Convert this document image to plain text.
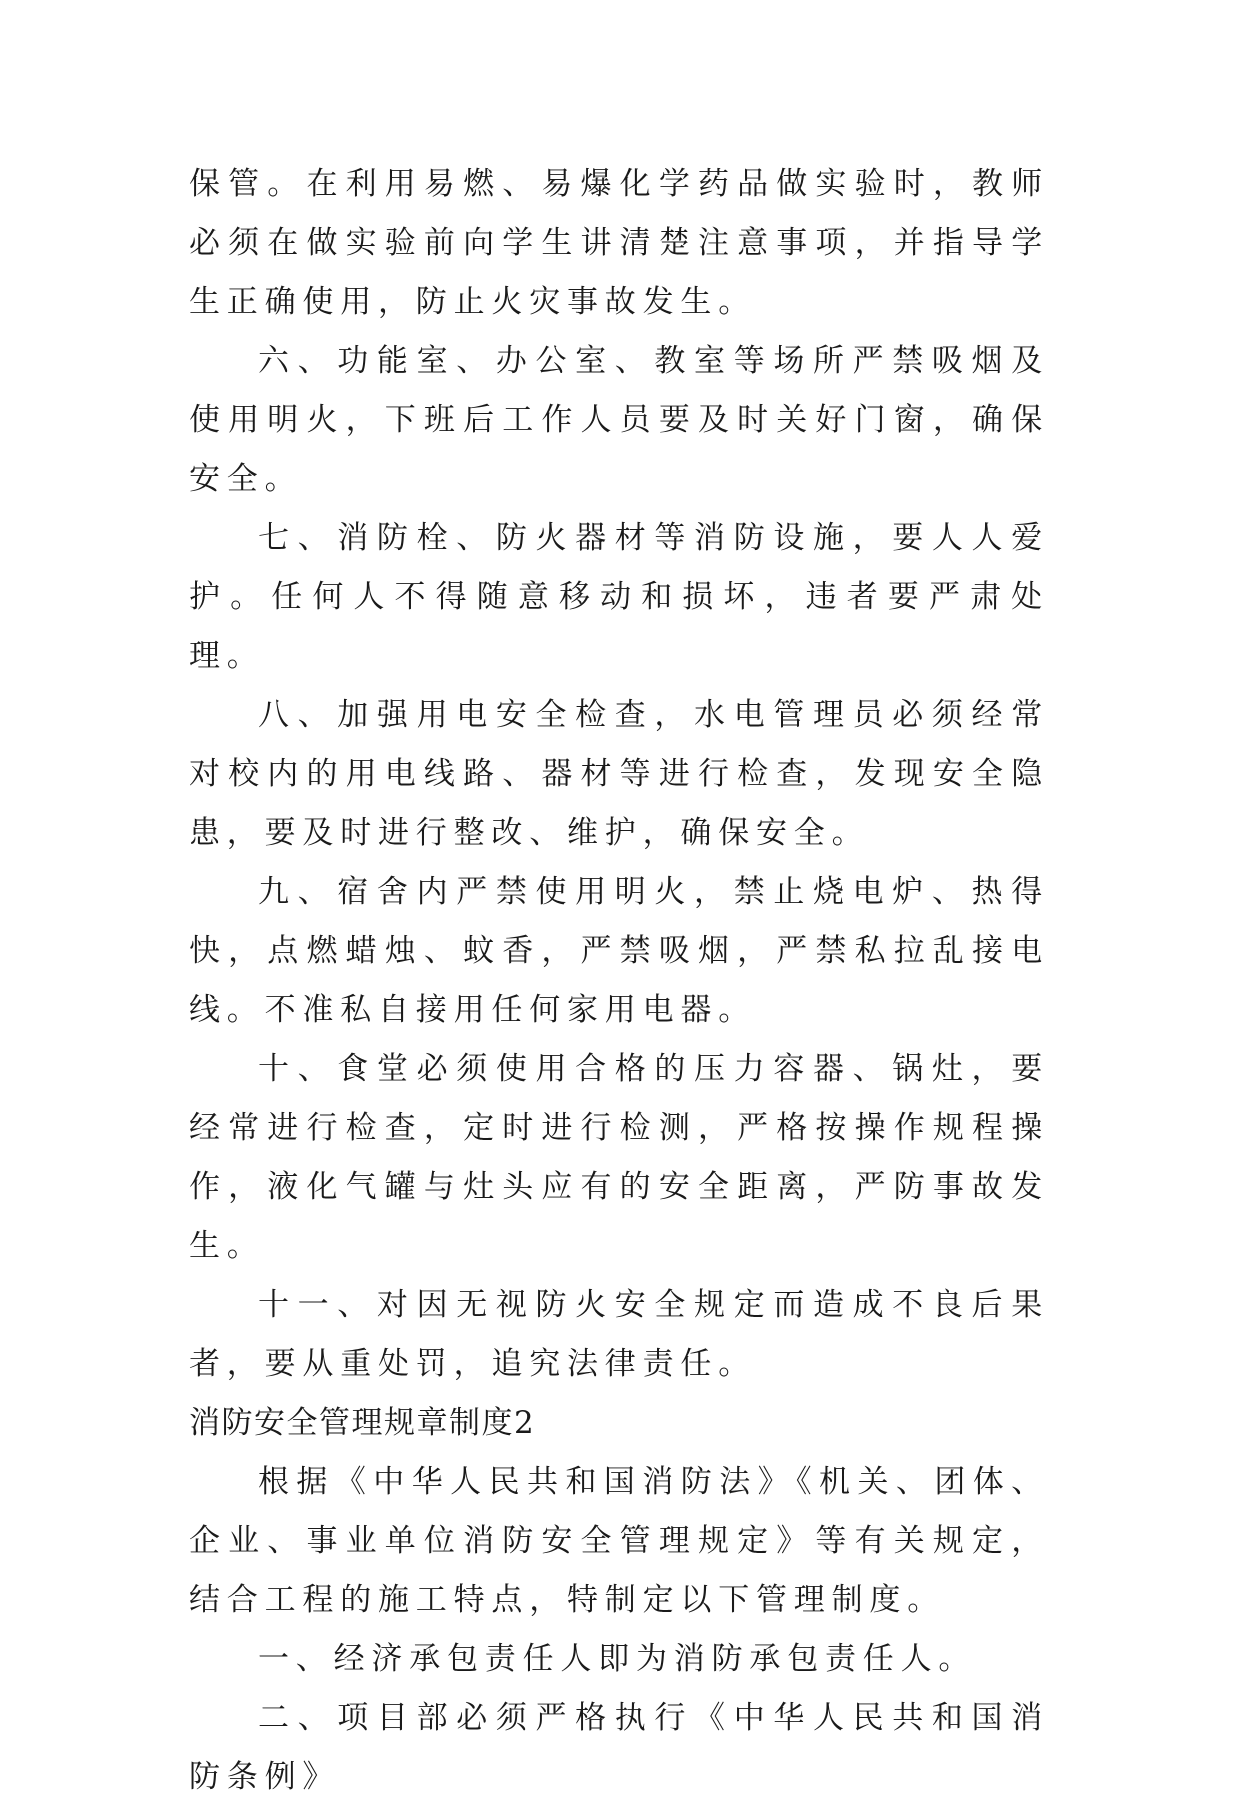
保管。在利用易燃、易爆化学药品做实验时，教师必须在做实验前向学生讲清楚注意事项，并指导学生正确使用，防止火灾事故发生。

六、功能室、办公室、教室等场所严禁吸烟及使用明火，下班后工作人员要及时关好门窗，确保安全。

七、消防栓、防火器材等消防设施，要人人爱护。任何人不得随意移动和损坏，违者要严肃处理。

八、加强用电安全检查，水电管理员必须经常对校内的用电线路、器材等进行检查，发现安全隐患，要及时进行整改、维护，确保安全。

九、宿舍内严禁使用明火，禁止烧电炉、热得快，点燃蜡烛、蚊香，严禁吸烟，严禁私拉乱接电线。不准私自接用任何家用电器。

十、食堂必须使用合格的压力容器、锅灶，要经常进行检查，定时进行检测，严格按操作规程操作，液化气罐与灶头应有的安全距离，严防事故发生。

十一、对因无视防火安全规定而造成不良后果者，要从重处罚，追究法律责任。

消防安全管理规章制度2

根据《中华人民共和国消防法》《机关、团体、企业、事业单位消防安全管理规定》等有关规定，结合工程的施工特点，特制定以下管理制度。

一、经济承包责任人即为消防承包责任人。

二、项目部必须严格执行《中华人民共和国消防条例》
